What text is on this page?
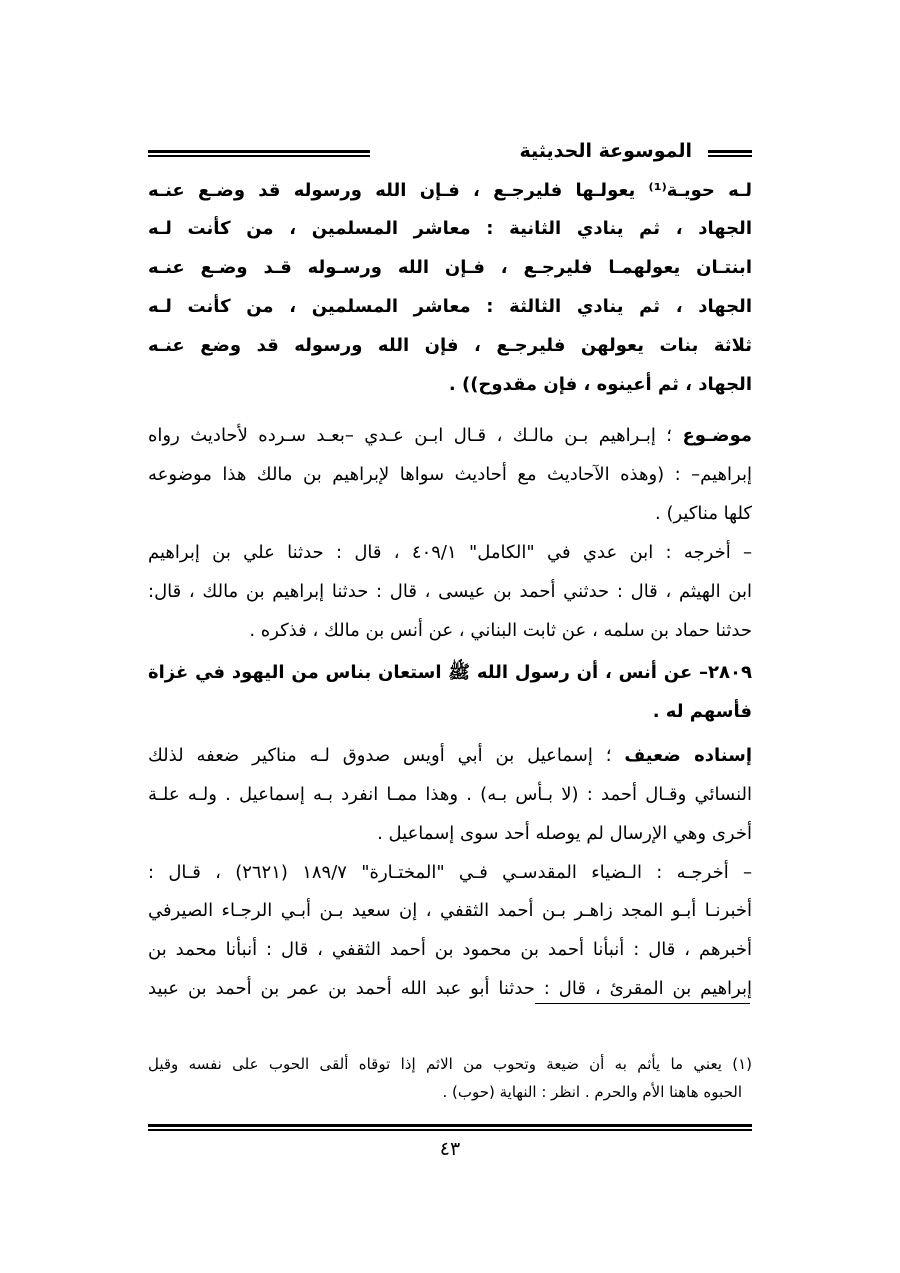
الموسوعة الحديثية
لـه حويـة⁽¹⁾ يعولـها فليرجـع ، فـإن الله ورسوله قد وضـع عنـه
الجهاد ، ثم ينادي الثانية : معاشر المسلمين ، من كأنت لـه
ابنتـان يعولهمـا فليرجـع ، فـإن الله ورسـوله قـد وضـع عنـه
الجهاد ، ثم ينادي الثالثة : معاشر المسلمين ، من كأنت لـه
ثلاثة بنات يعولهن فليرجـع ، فإن الله ورسوله قد وضع عنـه
الجهاد ، ثم أعينوه ، فإن مقدوح)) .
موضـوع ؛ إبـراهيم بـن مالـك ، قـال ابـن عـدي –بعـد سـرده لأحاديث رواه
إبراهيم– : (وهذه الآحاديث مع أحاديث سواها لإبراهيم بن مالك هذا موضوعه
كلها مناكير) .
– أخرجه : ابن عدي في "الكامل" ٤٠٩/١ ، قال : حدثنا علي بن إبراهيم
ابن الهيثم ، قال : حدثني أحمد بن عيسى ، قال : حدثنا إبراهيم بن مالك ، قال:
حدثنا حماد بن سلمه ، عن ثابت البناني ، عن أنس بن مالك ، فذكره .
٢٨٠٩– عن أنس ، أن رسول الله ﷺ استعان بناس من اليهود في غزاة
فأسهم له .
إسناده ضعيف ؛ إسماعيل بن أبي أويس صدوق لـه مناكير ضعفه لذلك
النسائي وقـال أحمد : (لا بـأس بـه) . وهذا ممـا انفرد بـه إسماعيل . ولـه علـة
أخرى وهي الإرسال لم يوصله أحد سوى إسماعيل .
– أخرجـه : الـضياء المقدسـي فـي "المختـارة" ١٨٩/٧ (٢٦٢١) ، قـال :
أخبرنـا أبـو المجد زاهـر بـن أحمد الثقفي ، إن سعيد بـن أبـي الرجـاء الصيرفي
أخبرهم ، قال : أنبأنا أحمد بن محمود بن أحمد الثقفي ، قال : أنبأنا محمد بن
إبراهيم بن المقرئ ، قال : حدثنا أبو عبد الله أحمد بن عمر بن أحمد بن عبيد
(١) يعني ما يأثم به أن ضيعة وتحوب من الاثم إذا توقاه ألقى الحوب على نفسه وقيل
الحبوه هاهنا الأم والحرم . انظر : النهاية (حوب) .
٤٣
